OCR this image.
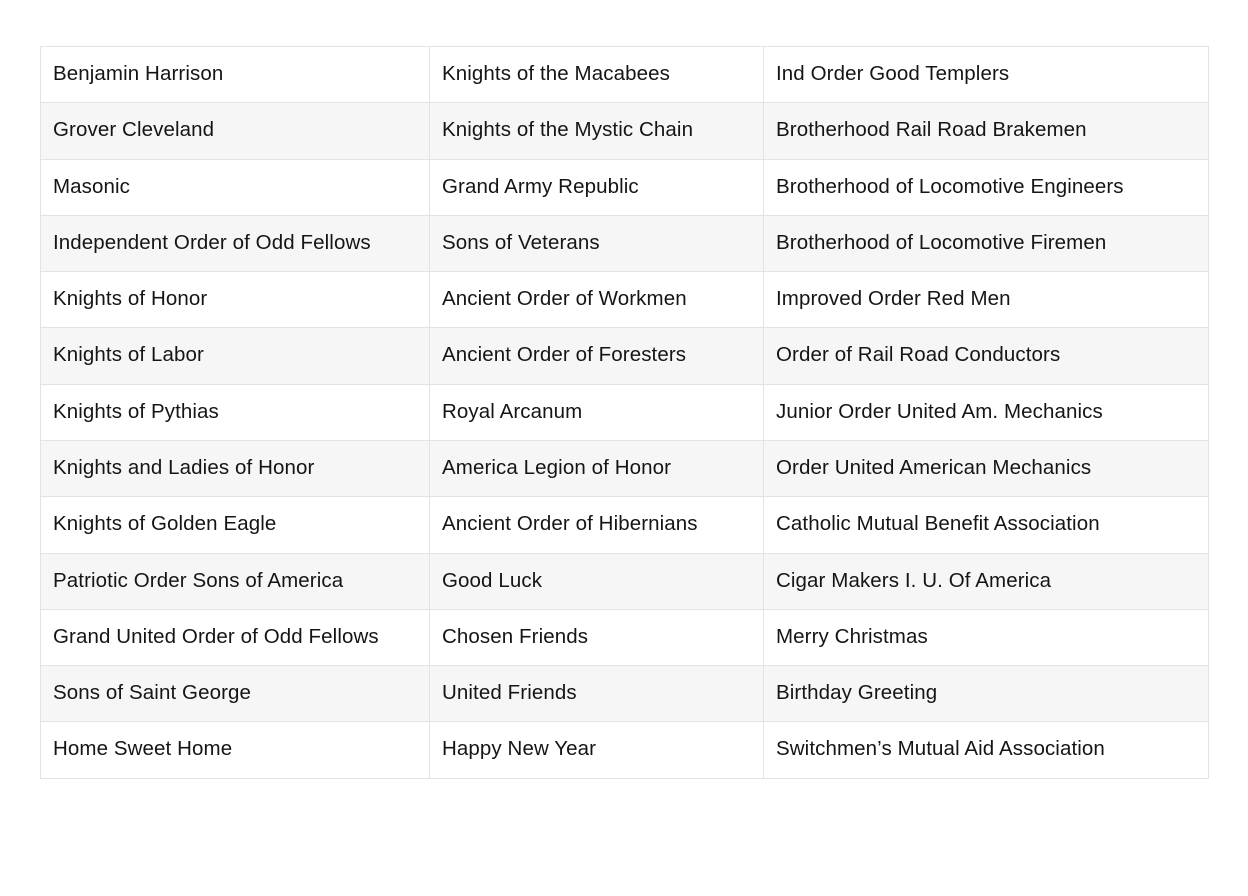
Benjamin Harrison	Knights of the Macabees	Ind Order Good Templers
Grover Cleveland	Knights of the Mystic Chain	Brotherhood Rail Road Brakemen
Masonic	Grand Army Republic	Brotherhood of Locomotive Engineers
Independent Order of Odd Fellows	Sons of Veterans	Brotherhood of Locomotive Firemen
Knights of Honor	Ancient Order of Workmen	Improved Order Red Men
Knights of Labor	Ancient Order of Foresters	Order of Rail Road Conductors
Knights of Pythias	Royal Arcanum	Junior Order United Am. Mechanics
Knights and Ladies of Honor	America Legion of Honor	Order United American Mechanics
Knights of Golden Eagle	Ancient Order of Hibernians	Catholic Mutual Benefit Association
Patriotic Order Sons of America	Good Luck	Cigar Makers I. U. Of America
Grand United Order of Odd Fellows	Chosen Friends	Merry Christmas
Sons of Saint George	United Friends	Birthday Greeting
Home Sweet Home	Happy New Year	Switchmen’s Mutual Aid Association
